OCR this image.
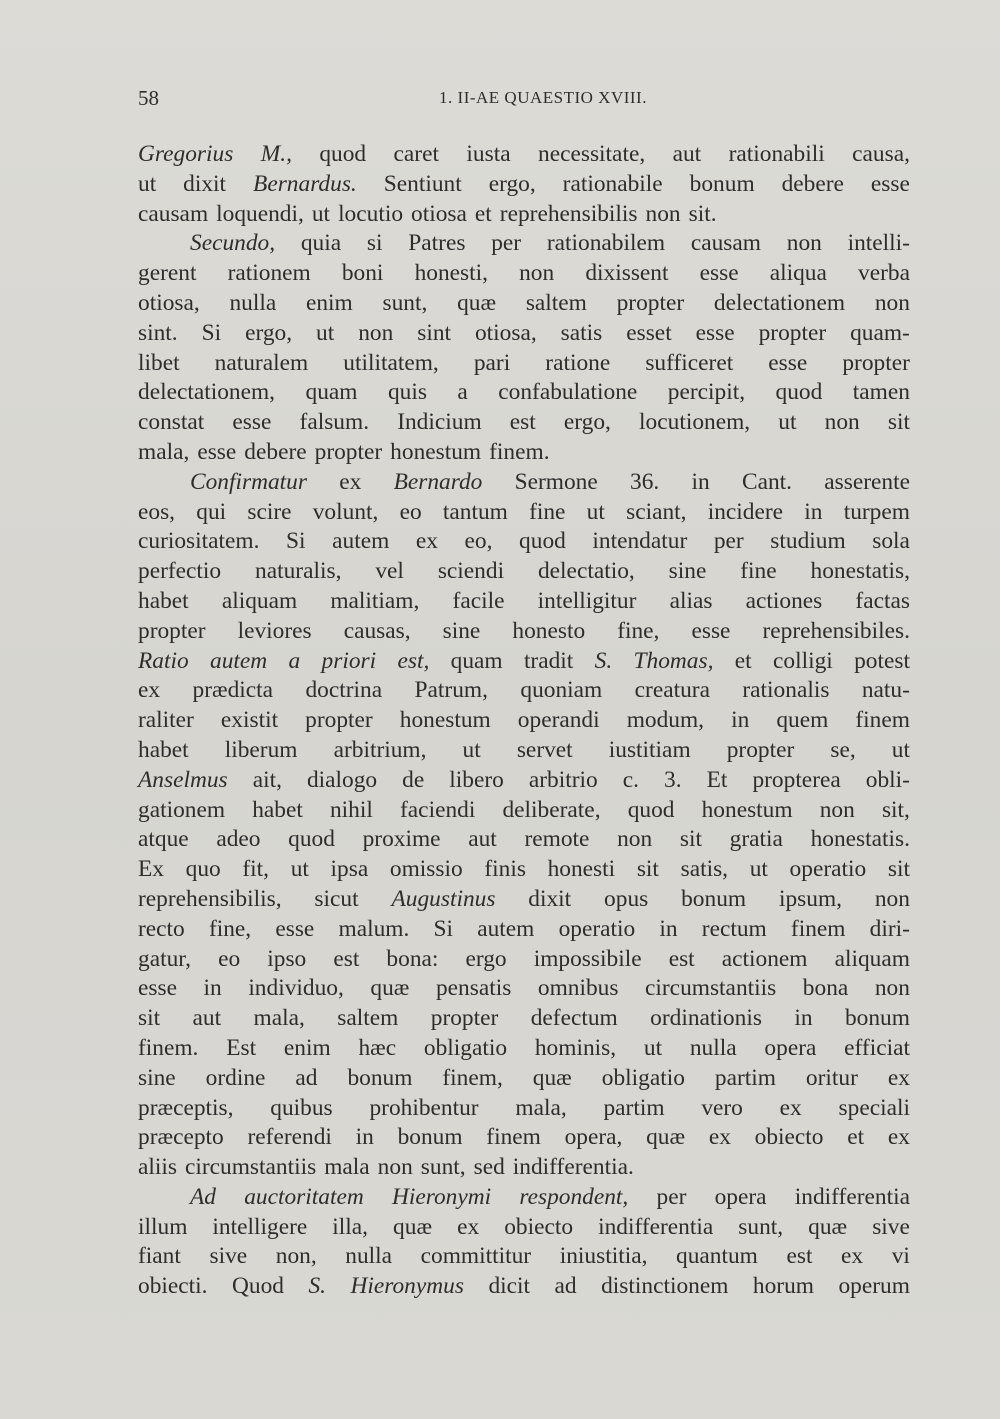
58	1. II-AE QUAESTIO XVIII.
Gregorius M., quod caret iusta necessitate, aut rationabili causa,
ut dixit Bernardus. Sentiunt ergo, rationabile bonum debere esse
causam loquendi, ut locutio otiosa et reprehensibilis non sit.
Secundo, quia si Patres per rationabilem causam non intelli-
gerent rationem boni honesti, non dixissent esse aliqua verba
otiosa, nulla enim sunt, quæ saltem propter delectationem non
sint. Si ergo, ut non sint otiosa, satis esset esse propter quam-
libet naturalem utilitatem, pari ratione sufficeret esse propter
delectationem, quam quis a confabulatione percipit, quod tamen
constat esse falsum. Indicium est ergo, locutionem, ut non sit
mala, esse debere propter honestum finem.
Confirmatur ex Bernardo Sermone 36. in Cant. asserente
eos, qui scire volunt, eo tantum fine ut sciant, incidere in turpem
curiositatem. Si autem ex eo, quod intendatur per studium sola
perfectio naturalis, vel sciendi delectatio, sine fine honestatis,
habet aliquam malitiam, facile intelligitur alias actiones factas
propter leviores causas, sine honesto fine, esse reprehensibiles.
Ratio autem a priori est, quam tradit S. Thomas, et colligi potest
ex prædicta doctrina Patrum, quoniam creatura rationalis natu-
raliter existit propter honestum operandi modum, in quem finem
habet liberum arbitrium, ut servet iustitiam propter se, ut
Anselmus ait, dialogo de libero arbitrio c. 3. Et propterea obli-
gationem habet nihil faciendi deliberate, quod honestum non sit,
atque adeo quod proxime aut remote non sit gratia honestatis.
Ex quo fit, ut ipsa omissio finis honesti sit satis, ut operatio sit
reprehensibilis, sicut Augustinus dixit opus bonum ipsum, non
recto fine, esse malum. Si autem operatio in rectum finem diri-
gatur, eo ipso est bona: ergo impossibile est actionem aliquam
esse in individuo, quæ pensatis omnibus circumstantiis bona non
sit aut mala, saltem propter defectum ordinationis in bonum
finem. Est enim hæc obligatio hominis, ut nulla opera efficiat
sine ordine ad bonum finem, quæ obligatio partim oritur ex
præceptis, quibus prohibentur mala, partim vero ex speciali
præcepto referendi in bonum finem opera, quæ ex obiecto et ex
aliis circumstantiis mala non sunt, sed indifferentia.
Ad auctoritatem Hieronymi respondent, per opera indifferentia
illum intelligere illa, quæ ex obiecto indifferentia sunt, quæ sive
fiant sive non, nulla committitur iniustitia, quantum est ex vi
obiecti. Quod S. Hieronymus dicit ad distinctionem horum operum
